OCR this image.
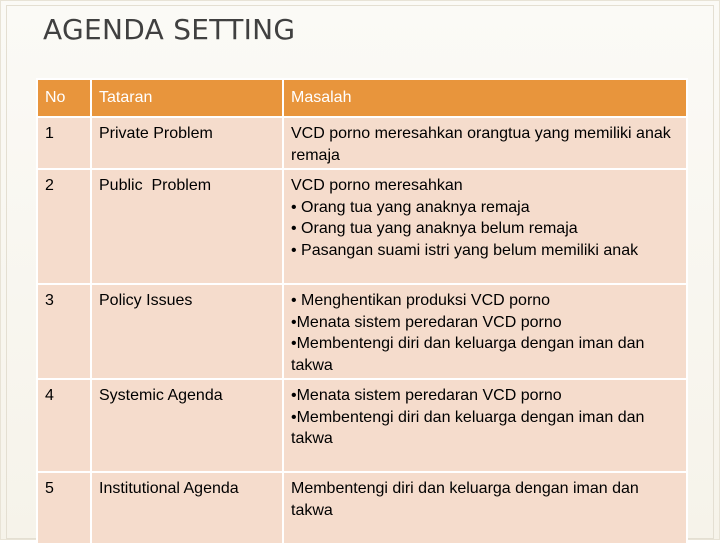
AGENDA SETTING
No	Tataran	Masalah
1	Private Problem	VCD porno meresahkan orangtua yang memiliki anak remaja

2	Public  Problem	VCD porno meresahkan
• Orang tua yang anaknya remaja
• Orang tua yang anaknya belum remaja
• Pasangan suami istri yang belum memiliki anak

3	Policy Issues	• Menghentikan produksi VCD porno
•Menata sistem peredaran VCD porno
•Membentengi diri dan keluarga dengan iman dan takwa

4	Systemic Agenda	•Menata sistem peredaran VCD porno
•Membentengi diri dan keluarga dengan iman dan takwa

5	Institutional Agenda	Membentengi diri dan keluarga dengan iman dan takwa
